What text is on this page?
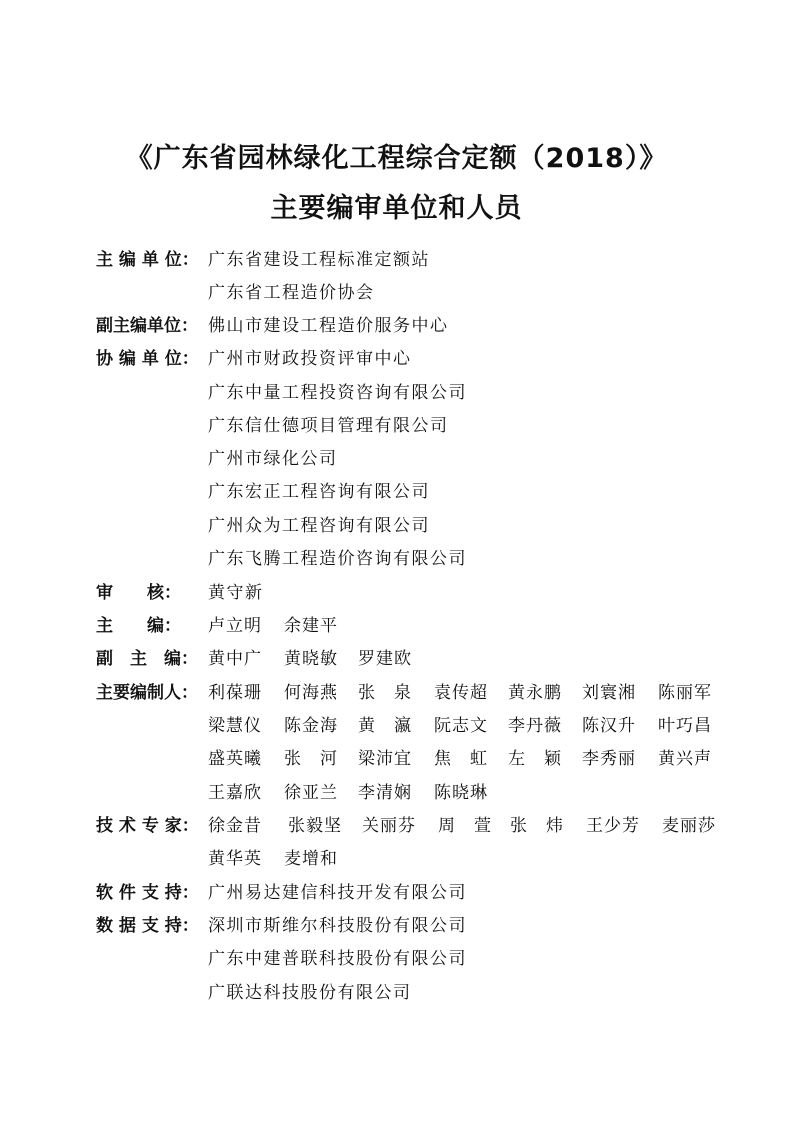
《广东省园林绿化工程综合定额（2018）》
主要编审单位和人员
主 编 单 位： 广东省建设工程标准定额站
广东省工程造价协会
副主编单位： 佛山市建设工程造价服务中心
协 编 单 位： 广州市财政投资评审中心
广东中量工程投资咨询有限公司
广东信仕德项目管理有限公司
广州市绿化公司
广东宏正工程咨询有限公司
广州众为工程咨询有限公司
广东飞腾工程造价咨询有限公司
审　　核：	黄守新
主　　编：	卢立明 余建平
副　主　编： 黄中广 黄晓敏 罗建欧
主要编制人： 利葆珊 何海燕 张　泉 袁传超 黄永鹏 刘寰湘 陈丽军
梁慧仪 陈金海 黄　瀛 阮志文 李丹薇 陈汉升 叶巧昌
盛英曦 张　河 梁沛宜 焦　虹 左　颖 李秀丽 黄兴声
王嘉欣 徐亚兰 李清娴 陈晓琳
技 术 专 家： 徐金昔 张毅坚 关丽芬 周　萱 张　炜 王少芳 麦丽莎
黄华英 麦增和
软 件 支 持： 广州易达建信科技开发有限公司
数 据 支 持： 深圳市斯维尔科技股份有限公司
广东中建普联科技股份有限公司
广联达科技股份有限公司
